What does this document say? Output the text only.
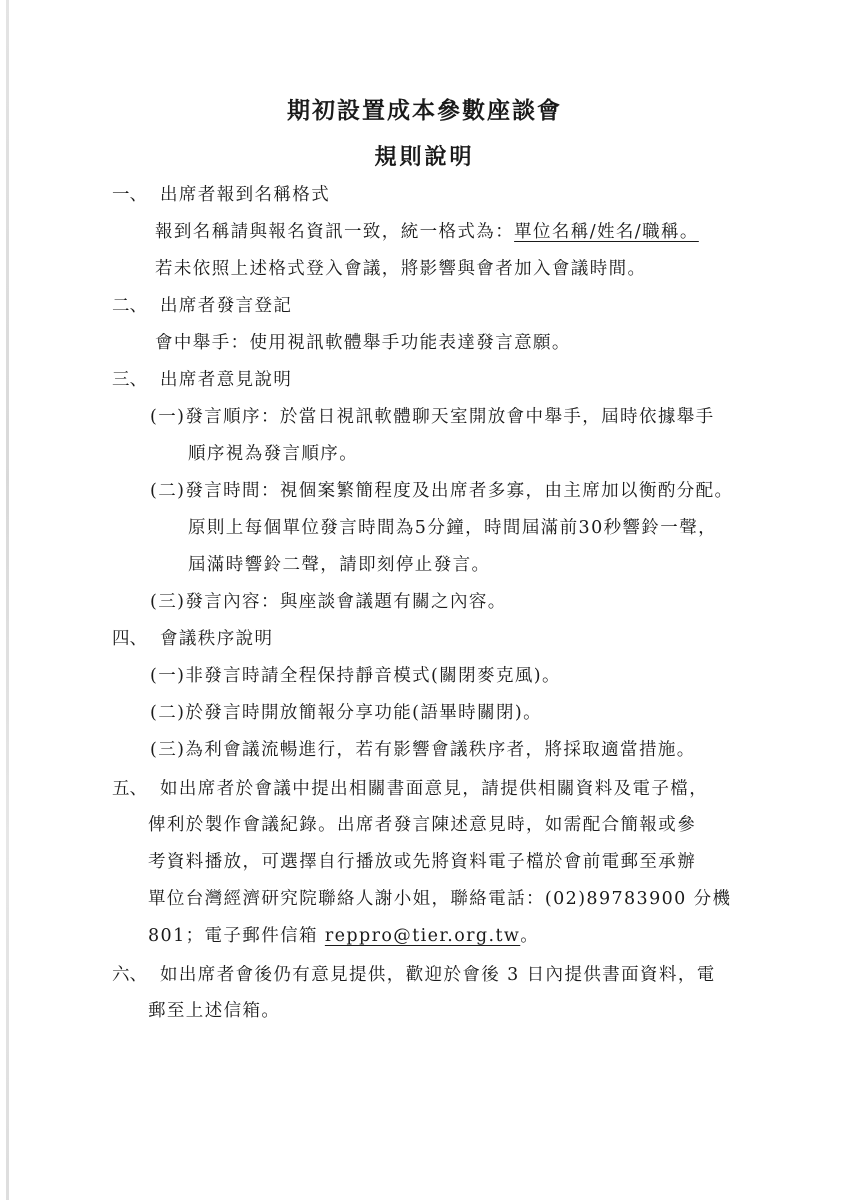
期初設置成本參數座談會
規則說明
一、 出席者報到名稱格式
報到名稱請與報名資訊一致，統一格式為：單位名稱/姓名/職稱。
若未依照上述格式登入會議，將影響與會者加入會議時間。
二、 出席者發言登記
會中舉手：使用視訊軟體舉手功能表達發言意願。
三、 出席者意見說明
(一)發言順序：於當日視訊軟體聊天室開放會中舉手，屆時依據舉手
順序視為發言順序。
(二)發言時間：視個案繁簡程度及出席者多寡，由主席加以衡酌分配。
原則上每個單位發言時間為5分鐘，時間屆滿前30秒響鈴一聲，
屆滿時響鈴二聲，請即刻停止發言。
(三)發言內容：與座談會議題有關之內容。
四、 會議秩序說明
(一)非發言時請全程保持靜音模式(關閉麥克風)。
(二)於發言時開放簡報分享功能(語畢時關閉)。
(三)為利會議流暢進行，若有影響會議秩序者，將採取適當措施。
五、 如出席者於會議中提出相關書面意見，請提供相關資料及電子檔，
俾利於製作會議紀錄。出席者發言陳述意見時，如需配合簡報或參
考資料播放，可選擇自行播放或先將資料電子檔於會前電郵至承辦
單位台灣經濟研究院聯絡人謝小姐，聯絡電話：(02)89783900 分機
801；電子郵件信箱 reppro@tier.org.tw。
六、 如出席者會後仍有意見提供，歡迎於會後 3 日內提供書面資料，電
郵至上述信箱。
